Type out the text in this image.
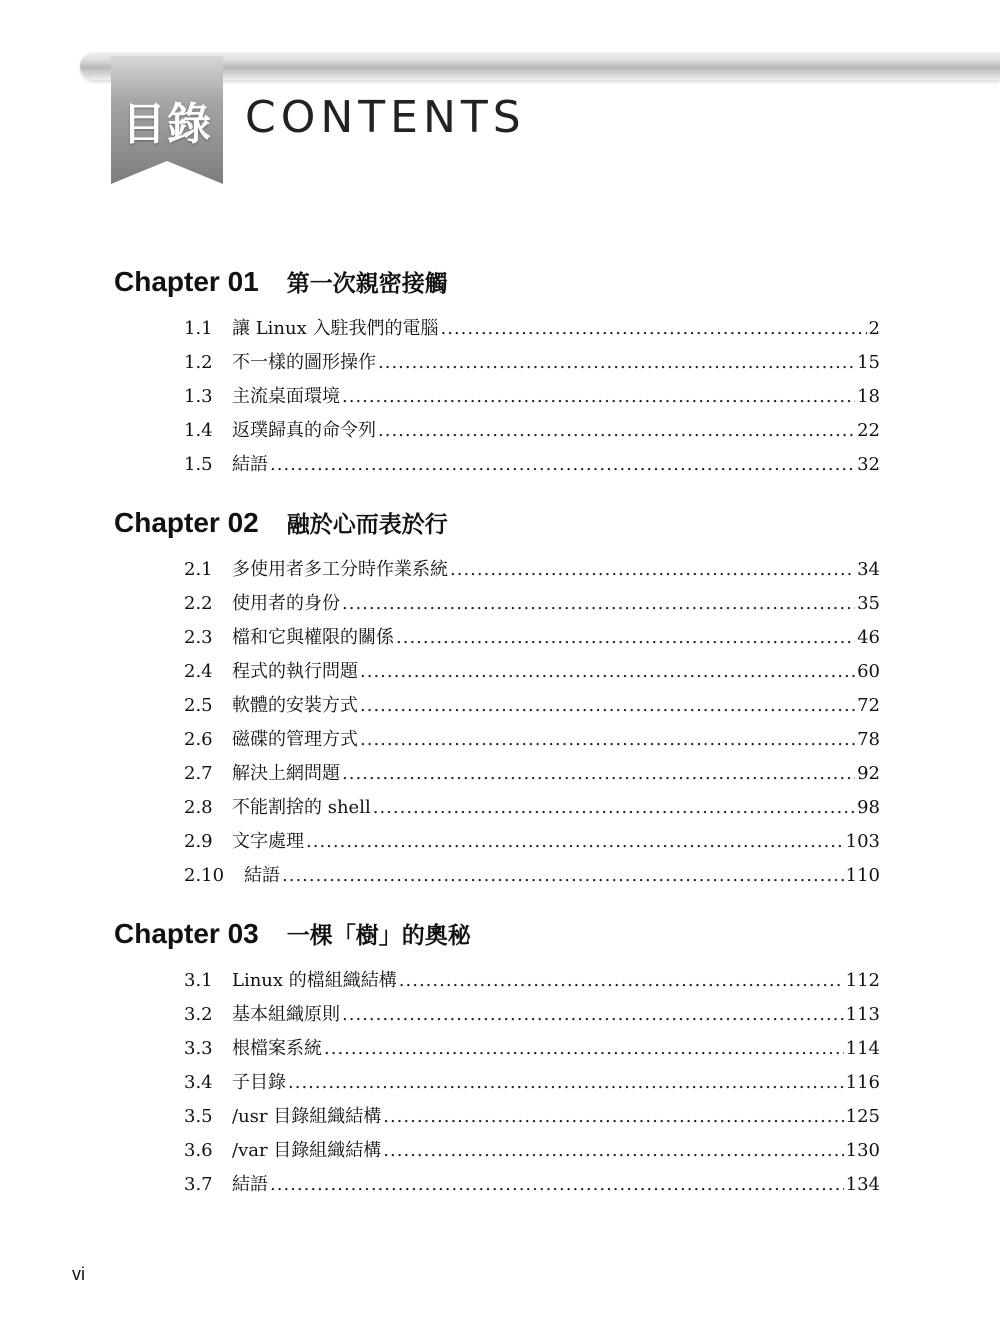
目錄 CONTENTS
Chapter 01 第一次親密接觸
1.1	讓 Linux 入駐我們的電腦 .....	2
1.2	不一樣的圖形操作 .....	15
1.3	主流桌面環境 .....	18
1.4	返璞歸真的命令列 .....	22
1.5	結語 .....	32
Chapter 02 融於心而表於行
2.1	多使用者多工分時作業系統 .....	34
2.2	使用者的身份 .....	35
2.3	檔和它與權限的關係 .....	46
2.4	程式的執行問題 .....	60
2.5	軟體的安裝方式 .....	72
2.6	磁碟的管理方式 .....	78
2.7	解決上網問題 .....	92
2.8	不能割捨的 shell .....	98
2.9	文字處理 .....	103
2.10	結語 .....	110
Chapter 03 一棵「樹」的奧秘
3.1	Linux 的檔組織結構 .....	112
3.2	基本組織原則 .....	113
3.3	根檔案系統 .....	114
3.4	子目錄 .....	116
3.5	/usr 目錄組織結構 .....	125
3.6	/var 目錄組織結構 .....	130
3.7	結語 .....	134
vi
